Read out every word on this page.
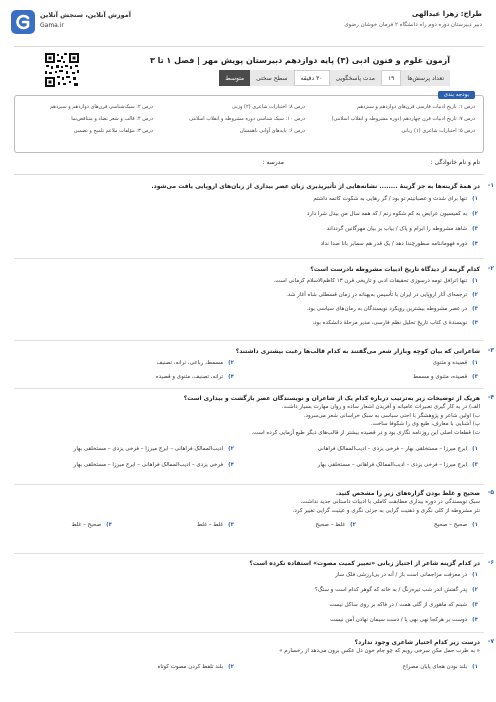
آموزش آنلاین، سنجش آنلاین
Gama.ir
طراح: زهرا عبدالهی
دبیر دبیرستان دوره دوم راه دانشگاه ۲ فرمان خوشان رضوی
آزمون علوم و فنون ادبی (۳) پایه دوازدهم دبیرستان پویش مهر | فصل ۱ تا ۳
تعداد پرسش‌ها
۱۹
مدت پاسخگویی
۳۰ دقیقه
سطح سختی
متوسط
بودجه بندی
درس ۱: تاریخ ادبیات فارسی قرن‌های دوازدهم و سیزدهم
درس ۷: تاریخ ادبیات قرن چهاردهم (دوره مشروطه و انقلاب اسلامی)
درس ۵: اختیارات شاعری (۱) زبانی
درس ۸: اختیارات شاعری (۲) وزنی
درس ۱۰: سبک شناسی دوره مشروطه و انقلاب اسلامی
درس ۶: پایه‌های آوایی ناهمسان
درس ۲: سبک‌شناسی قرن‌های دوازدهم و سیزدهم
درس ۴: قالب و شعر تضاد و متناقض‌نما
درس ۳: مؤلفات ملاعم تلمیح و تضمین
نام و نام خانوادگی :
مدرسه :
۱-
در همهٔ گزینه‌ها به جز گزینهٔ ........ نشانه‌هایی از تأثیرپذیری زبان عصر بیداری از زبان‌های اروپایی یافت می‌شود.
۱)تنها برای شدت و عصبانیتم تو بود / گر رهایی به شکوت کاتمه داشتم
۲)به کمیسیون عرایض به کم شکوه زنم / که همه سال من بیدل شرا دارد
۳)شاهد مشروطه را ابرام و پاک / بیاب بر بیان مهرگانین گردداند
۴)دوره فهوماننامه سطورچندا دهد / یک قدر هم سمایر بانا صدا نداد
۲-
کدام گزینه از دیدگاه تاریخ ادبیات مشروطه نادرست است؟
۱)تنها اترافل تومه درسوزی تحقیقات ادبی و تاریخی قرن ۱۳ کاظم‌الاسلام کرمانی است.
۲)ترجمه‌ای آثار اروپایی در ایران با تأسیس به‌پهنانه در زمان قسطلی شاه آغاز شد.
۳)در عصر مشروطه بیشترین رویکرد نویسندگان به رمان‌های سیاسی بود.
۴)نویسندهٔ ی کتاب تاریخ تحلیل نظم فارسی، مدیر مرحلهٔ دانشکده بود.
۳-
شاعرانی که بیان کوچه وبازار شعر می‌گفتند به کدام قالب‌ها رغبت بیشتری داشتند؟
۱)قصیده و مثنوی
۲)مسمط، رباعی، ترانه، تصنیف
۳)قصیده، مثنوی و مسمط
۴)ترانه، تصنیف، مثنوی و قصیده
۴-
هریک از توضیحات زیر به‌ترتیب درباره کدام یک از شاعران و نویسندگان عصر بازگشت و بیداری است؟
الف) در به کار گیری تعبیرات عامیانه و آفریدن اشعار ساده و روان مهارت بسیار داشت.
ب) اولین شاعر و پژوهشگر با احتی سیاسی به سبک خراسانی شعر می‌سرود.
پ) آشنایی با معارف، طبع وی را شکوفا ساخت.
ت) قطعات اصلی این روزنامه نگاری بود و در قصیده بیشتر از قالب‌های دیگر طبع آزمایی کرده است.
۱)ایرج میرزا – مستخلقی بهار – فرخی یزدی – ادیب‌الممالک فراهانی
۲)ادیب‌الممالک فراهانی – ایرج میرزا – فرخی یزدی – مستخلقی بهار
۳)ایرج میرزا – فرخی یزدی – ادیب‌الممالک فراهانی – مستخلقی بهار
۴)فرخی یزدی – ادیب‌الممالک فراهانی – ایرج میرزا – مستخلقی بهار
۵-
صحیح و غلط بودن گزاره‌های زیر را مشخص کنید.
سبک نویسندگی در دوره بیداری مطابقت کاملی با ادبیات داستانی جدید نداشت.
نثر مشروطه از کلی نگری و ذهنیت گرایی به جزئی نگری و عینیت گرایی تغییر کرد.
۱)صحیح – صحیح
۲)غلط – صحیح
۳)غلط – غلط
۴)صحیح – غلط
۶-
در کدام گزینه شاعر از اختیار زبانی «تغییر کمیت مصوت» استفاده نکرده است؟
۱)در معرفت مزاجمانی است باز / آنه در بی‌ارزشی فلک ساز
۲)پدر گفتش اندر شب تیره‌رنگ / به خانه که گوهر کدام است و ستگ؟
۳)شبنم که ماهوری از گلی همت / در فاکه بر روی ساکل نیست
۴)دوست بر هرکجا نهی نهی پا / دست سیمان نهادن آمن نیست
۷-
درست زیر کدام اختیار شاعری وجود ندارد؟
« به طرب حمل مکن سرخی رویم که چو جام خون دل عکس برون می‌دهد از رخسارم »
۱)بلند بودن هجای پایان مصراع
۲)بلند تلفظ کردن مصوت کوتاه
